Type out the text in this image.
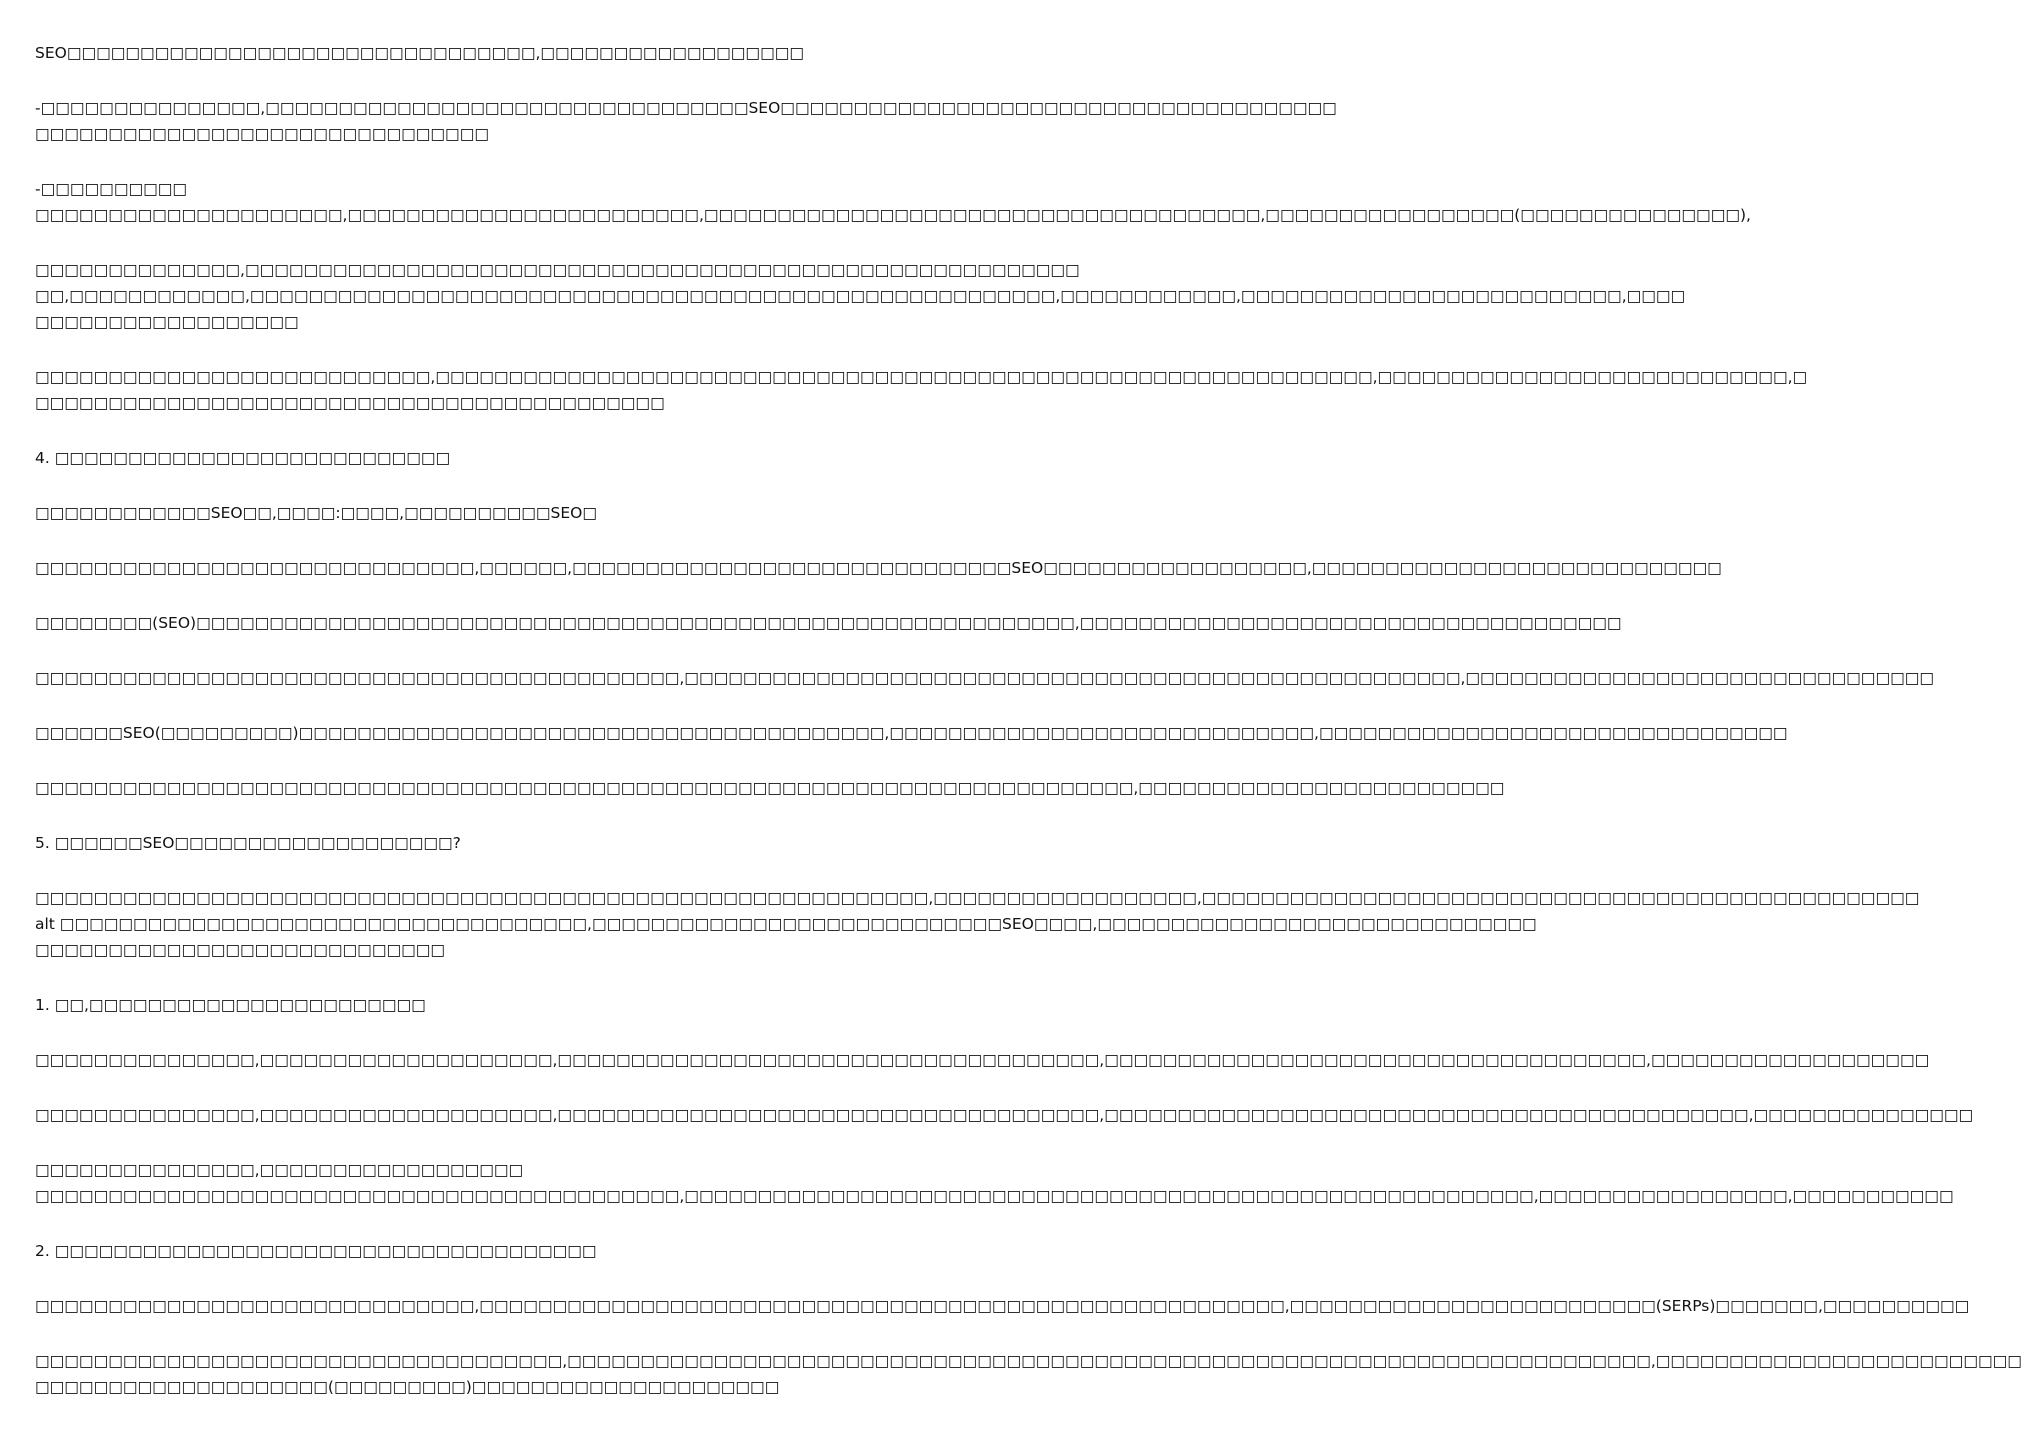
SEO□□□□□□□□□□□□□□□□□□□□□□□□□□□□□□□□,□□□□□□□□□□□□□□□□□□
-□□□□□□□□□□□□□□□,□□□□□□□□□□□□□□□□□□□□□□□□□□□□□□□□□SEO□□□□□□□□□□□□□□□□□□□□□□□□□□□□□□□□□□□□□□
□□□□□□□□□□□□□□□□□□□□□□□□□□□□□□□
-□□□□□□□□□□
□□□□□□□□□□□□□□□□□□□□□,□□□□□□□□□□□□□□□□□□□□□□□□,□□□□□□□□□□□□□□□□□□□□□□□□□□□□□□□□□□□□□□,□□□□□□□□□□□□□□□□□(□□□□□□□□□□□□□□□),
□□□□□□□□□□□□□□,□□□□□□□□□□□□□□□□□□□□□□□□□□□□□□□□□□□□□□□□□□□□□□□□□□□□□□□□□
□□,□□□□□□□□□□□□,□□□□□□□□□□□□□□□□□□□□□□□□□□□□□□□□□□□□□□□□□□□□□□□□□□□□□□□,□□□□□□□□□□□□,□□□□□□□□□□□□□□□□□□□□□□□□□□,□□□□
□□□□□□□□□□□□□□□□□□
□□□□□□□□□□□□□□□□□□□□□□□□□□□,□□□□□□□□□□□□□□□□□□□□□□□□□□□□□□□□□□□□□□□□□□□□□□□□□□□□□□□□□□□□□□□□,□□□□□□□□□□□□□□□□□□□□□□□□□□□□,□
□□□□□□□□□□□□□□□□□□□□□□□□□□□□□□□□□□□□□□□□□□□
4. □□□□□□□□□□□□□□□□□□□□□□□□□□□
□□□□□□□□□□□□SEO□□,□□□□:□□□□,□□□□□□□□□□SEO□
□□□□□□□□□□□□□□□□□□□□□□□□□□□□□□,□□□□□□,□□□□□□□□□□□□□□□□□□□□□□□□□□□□□□SEO□□□□□□□□□□□□□□□□□□,□□□□□□□□□□□□□□□□□□□□□□□□□□□□
□□□□□□□□(SEO)□□□□□□□□□□□□□□□□□□□□□□□□□□□□□□□□□□□□□□□□□□□□□□□□□□□□□□□□□□□□,□□□□□□□□□□□□□□□□□□□□□□□□□□□□□□□□□□□□□
□□□□□□□□□□□□□□□□□□□□□□□□□□□□□□□□□□□□□□□□□□□□,□□□□□□□□□□□□□□□□□□□□□□□□□□□□□□□□□□□□□□□□□□□□□□□□□□□□□,□□□□□□□□□□□□□□□□□□□□□□□□□□□□□□□□
□□□□□□SEO(□□□□□□□□□)□□□□□□□□□□□□□□□□□□□□□□□□□□□□□□□□□□□□□□□□,□□□□□□□□□□□□□□□□□□□□□□□□□□□□□,□□□□□□□□□□□□□□□□□□□□□□□□□□□□□□□□
□□□□□□□□□□□□□□□□□□□□□□□□□□□□□□□□□□□□□□□□□□□□□□□□□□□□□□□□□□□□□□□□□□□□□□□□□□□,□□□□□□□□□□□□□□□□□□□□□□□□□
5. □□□□□□SEO□□□□□□□□□□□□□□□□□□□?
□□□□□□□□□□□□□□□□□□□□□□□□□□□□□□□□□□□□□□□□□□□□□□□□□□□□□□□□□□□□□,□□□□□□□□□□□□□□□□□□,□□□□□□□□□□□□□□□□□□□□□□□□□□□□□□□□□□□□□□□□□□□□□□□□□
alt □□□□□□□□□□□□□□□□□□□□□□□□□□□□□□□□□□□□,□□□□□□□□□□□□□□□□□□□□□□□□□□□□SEO□□□□,□□□□□□□□□□□□□□□□□□□□□□□□□□□□□□
□□□□□□□□□□□□□□□□□□□□□□□□□□□□
1. □□,□□□□□□□□□□□□□□□□□□□□□□□
□□□□□□□□□□□□□□□,□□□□□□□□□□□□□□□□□□□□,□□□□□□□□□□□□□□□□□□□□□□□□□□□□□□□□□□□□□,□□□□□□□□□□□□□□□□□□□□□□□□□□□□□□□□□□□□□,□□□□□□□□□□□□□□□□□□□
□□□□□□□□□□□□□□□,□□□□□□□□□□□□□□□□□□□□,□□□□□□□□□□□□□□□□□□□□□□□□□□□□□□□□□□□□□,□□□□□□□□□□□□□□□□□□□□□□□□□□□□□□□□□□□□□□□□□□□□,□□□□□□□□□□□□□□□
□□□□□□□□□□□□□□□,□□□□□□□□□□□□□□□□□□
□□□□□□□□□□□□□□□□□□□□□□□□□□□□□□□□□□□□□□□□□□□□,□□□□□□□□□□□□□□□□□□□□□□□□□□□□□□□□□□□□□□□□□□□□□□□□□□□□□□□□□□,□□□□□□□□□□□□□□□□□,□□□□□□□□□□□
2. □□□□□□□□□□□□□□□□□□□□□□□□□□□□□□□□□□□□□
□□□□□□□□□□□□□□□□□□□□□□□□□□□□□□,□□□□□□□□□□□□□□□□□□□□□□□□□□□□□□□□□□□□□□□□□□□□□□□□□□□□□□□,□□□□□□□□□□□□□□□□□□□□□□□□□(SERPs)□□□□□□□,□□□□□□□□□□
□□□□□□□□□□□□□□□□□□□□□□□□□□□□□□□□□□□□,□□□□□□□□□□□□□□□□□□□□□□□□□□□□□□□□□□□□□□□□□□□□□□□□□□□□□□□□□□□□□□□□□□□□□□□□□□,□□□□□□□□□□□□□□□□□□□□□□□□□
□□□□□□□□□□□□□□□□□□□□(□□□□□□□□□)□□□□□□□□□□□□□□□□□□□□□
